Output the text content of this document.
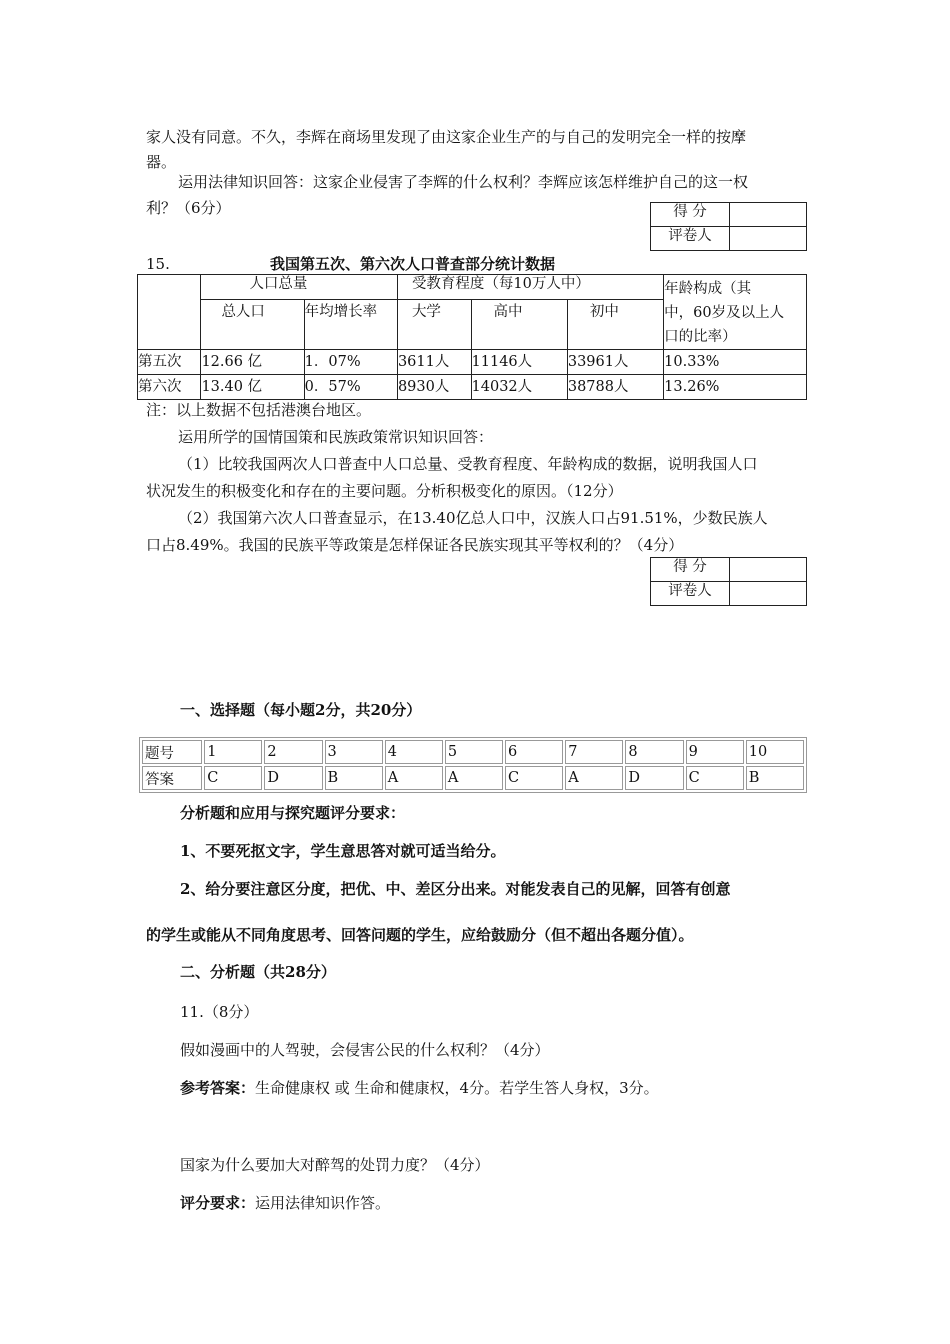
家人没有同意。不久，李辉在商场里发现了由这家企业生产的与自己的发明完全一样的按摩
器。
运用法律知识回答：这家企业侵害了李辉的什么权利？李辉应该怎样维护自己的这一权
利？（6分）	得 分	
评卷人	
15.	我国第五次、第六次人口普查部分统计数据
	人口总量		受教育程度（每10万人中）			年龄构成（其
中，60岁及以上人
口的比率）

	总人口	年均增长率	大学	高中	初中	
第五次	12.66 亿	1．07%	3611人	11146人	33961人	10.33%
第六次	13.40 亿	0．57%	8930人	14032人	38788人	13.26%
注：以上数据不包括港澳台地区。
运用所学的国情国策和民族政策常识知识回答：
（1）比较我国两次人口普查中人口总量、受教育程度、年龄构成的数据，说明我国人口
状况发生的积极变化和存在的主要问题。分析积极变化的原因。（12分）
（2）我国第六次人口普查显示，在13.40亿总人口中，汉族人口占91.51%，少数民族人
口占8.49%。我国的民族平等政策是怎样保证各民族实现其平等权利的？（4分）
得 分	
评卷人	
一、选择题（每小题2分，共20分）
题号	1	2	3	4	5	6	7	8	9	10
答案	C	D	B	A	A	C	A	D	C	B
分析题和应用与探究题评分要求：
1、不要死抠文字，学生意思答对就可适当给分。
2、给分要注意区分度，把优、中、差区分出来。对能发表自己的见解，回答有创意
的学生或能从不同角度思考、回答问题的学生，应给鼓励分（但不超出各题分值）。
二、分析题（共28分）
11.（8分）
假如漫画中的人驾驶，会侵害公民的什么权利？（4分）
参考答案：生命健康权 或 生命和健康权，4分。若学生答人身权，3分。
国家为什么要加大对醉驾的处罚力度？（4分）
评分要求：运用法律知识作答。
